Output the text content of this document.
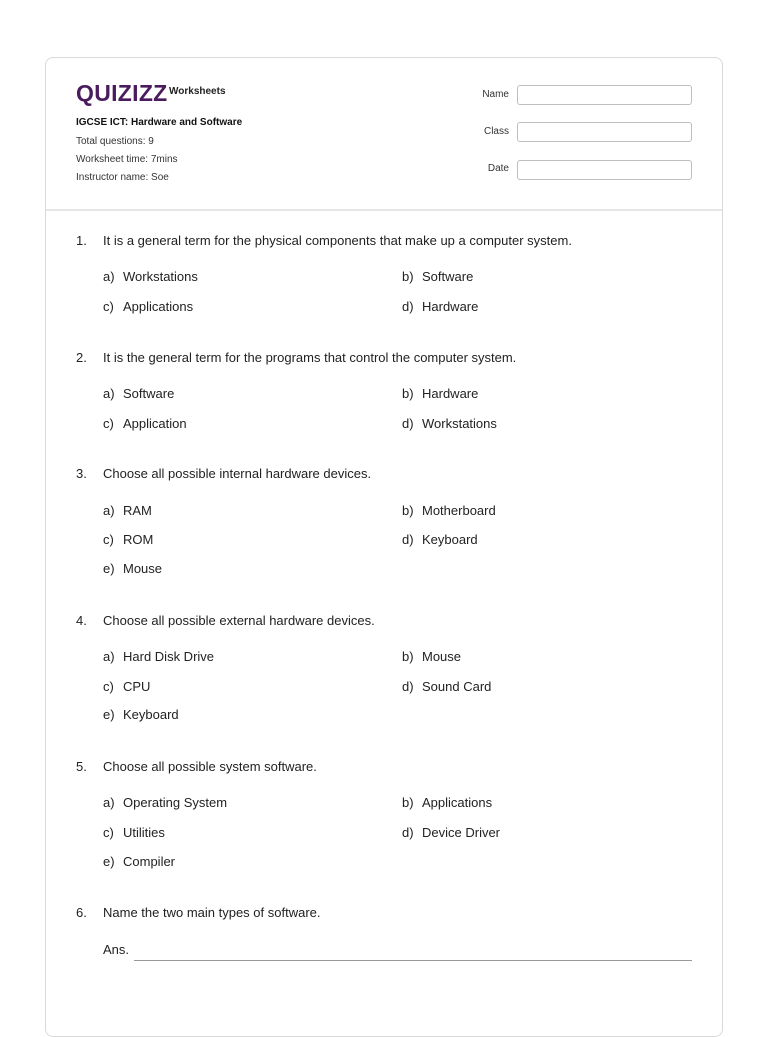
QUIZIZZ Worksheets
IGCSE ICT: Hardware and Software
Total questions: 9
Worksheet time: 7mins
Instructor name: Soe
Name
Class
Date
1. It is a general term for the physical components that make up a computer system.
a) Workstations	b) Software
c) Applications	d) Hardware
2. It is the general term for the programs that control the computer system.
a) Software	b) Hardware
c) Application	d) Workstations
3. Choose all possible internal hardware devices.
a) RAM	b) Motherboard
c) ROM	d) Keyboard
e) Mouse
4. Choose all possible external hardware devices.
a) Hard Disk Drive	b) Mouse
c) CPU	d) Sound Card
e) Keyboard
5. Choose all possible system software.
a) Operating System	b) Applications
c) Utilities	d) Device Driver
e) Compiler
6. Name the two main types of software.
Ans.
